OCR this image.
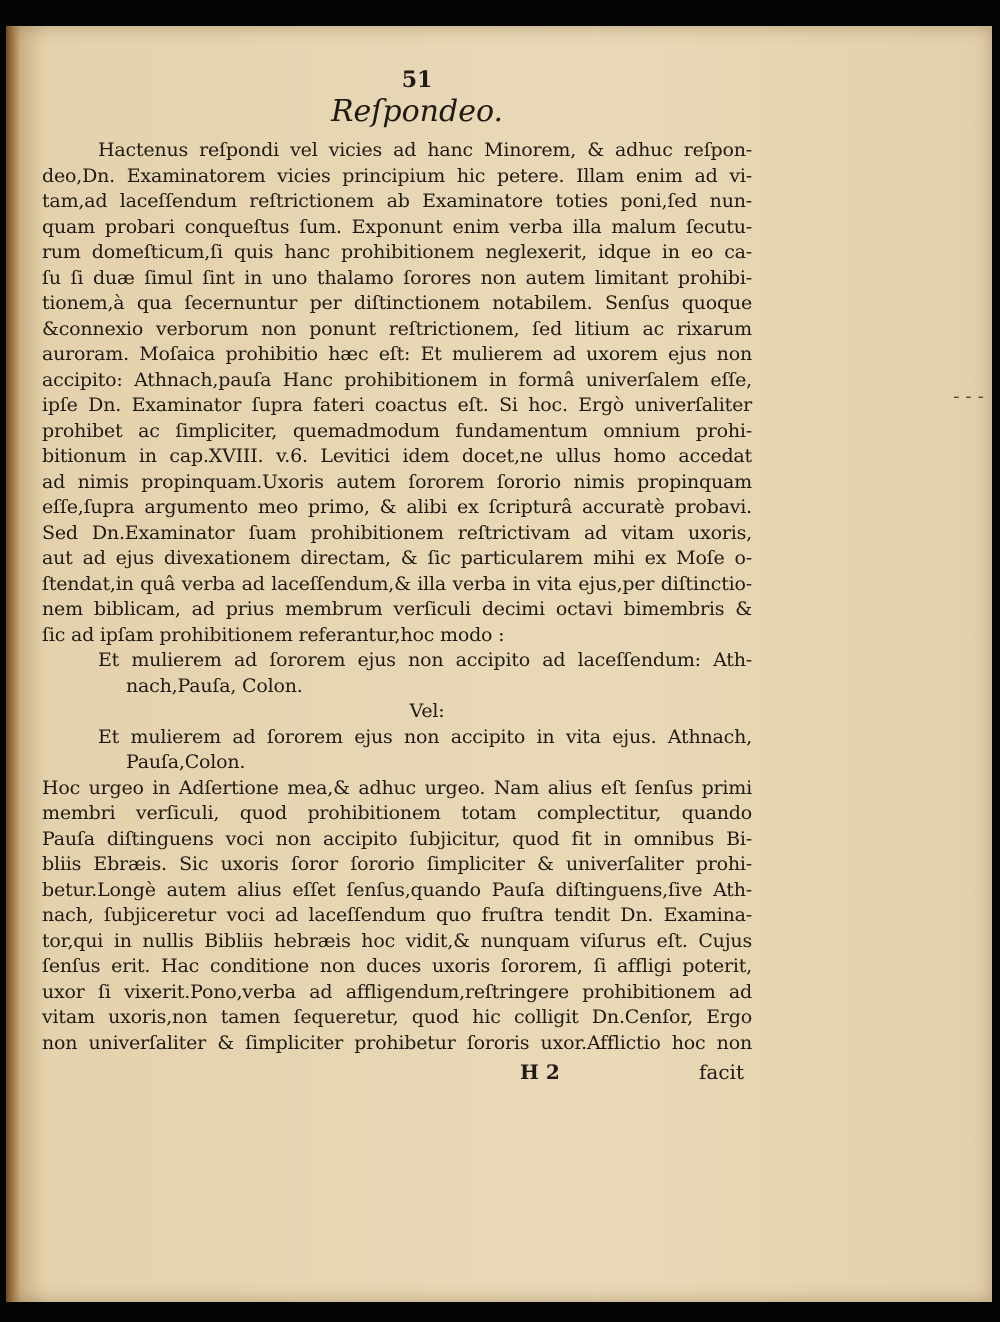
- - -
51
Reſpondeo.
Hactenus reſpondi vel vicies ad hanc Minorem, & adhuc reſpon-
deo,Dn. Examinatorem vicies principium hic petere. Illam enim ad vi-
tam,ad laceſſendum reſtrictionem ab Examinatore toties poni,ſed nun-
quam probari conqueſtus ſum. Exponunt enim verba illa malum ſecutu-
rum domeſticum,ſi quis hanc prohibitionem neglexerit, idque in eo ca-
ſu ſi duæ ſimul ſint in uno thalamo ſorores non autem limitant prohibi-
tionem,à qua ſecernuntur per diſtinctionem notabilem. Senſus quoque
&connexio verborum non ponunt reſtrictionem, ſed litium ac rixarum
auroram. Moſaica prohibitio hæc eſt: Et mulierem ad uxorem ejus non
accipito: Athnach,pauſa Hanc prohibitionem in formâ univerſalem eſſe,
ipſe Dn. Examinator ſupra fateri coactus eſt. Si hoc. Ergò univerſaliter
prohibet ac ſimpliciter, quemadmodum fundamentum omnium prohi-
bitionum in cap.XVIII. v.6. Levitici idem docet,ne ullus homo accedat
ad nimis propinquam.Uxoris autem ſororem ſororio nimis propinquam
eſſe,ſupra argumento meo primo, & alibi ex ſcripturâ accuratè probavi.
Sed Dn.Examinator ſuam prohibitionem reſtrictivam ad vitam uxoris,
aut ad ejus divexationem directam, & ſic particularem mihi ex Moſe o-
ſtendat,in quâ verba ad laceſſendum,& illa verba in vita ejus,per diſtinctio-
nem biblicam, ad prius membrum verſiculi decimi octavi bimembris &
ſic ad ipſam prohibitionem referantur,hoc modo :
Et mulierem ad ſororem ejus non accipito ad laceſſendum: Ath-
nach,Pauſa, Colon.
Vel:
Et mulierem ad ſororem ejus non accipito in vita ejus. Athnach,
Pauſa,Colon.
Hoc urgeo in Adſertione mea,& adhuc urgeo. Nam alius eſt ſenſus primi
membri verſiculi, quod prohibitionem totam complectitur, quando
Pauſa diſtinguens voci non accipito ſubjicitur, quod fit in omnibus Bi-
bliis Ebræis. Sic uxoris ſoror ſororio ſimpliciter & univerſaliter prohi-
betur.Longè autem alius eſſet ſenſus,quando Pauſa diſtinguens,ſive Ath-
nach, ſubjiceretur voci ad laceſſendum quo fruſtra tendit Dn. Examina-
tor,qui in nullis Bibliis hebræis hoc vidit,& nunquam viſurus eſt. Cujus
ſenſus erit. Hac conditione non duces uxoris ſororem, ſi affligi poterit,
uxor ſi vixerit.Pono,verba ad affligendum,reſtringere prohibitionem ad
vitam uxoris,non tamen ſequeretur, quod hic colligit Dn.Cenſor, Ergo
non univerſaliter & ſimpliciter prohibetur ſororis uxor.Afflictio hoc non
H 2	facit
